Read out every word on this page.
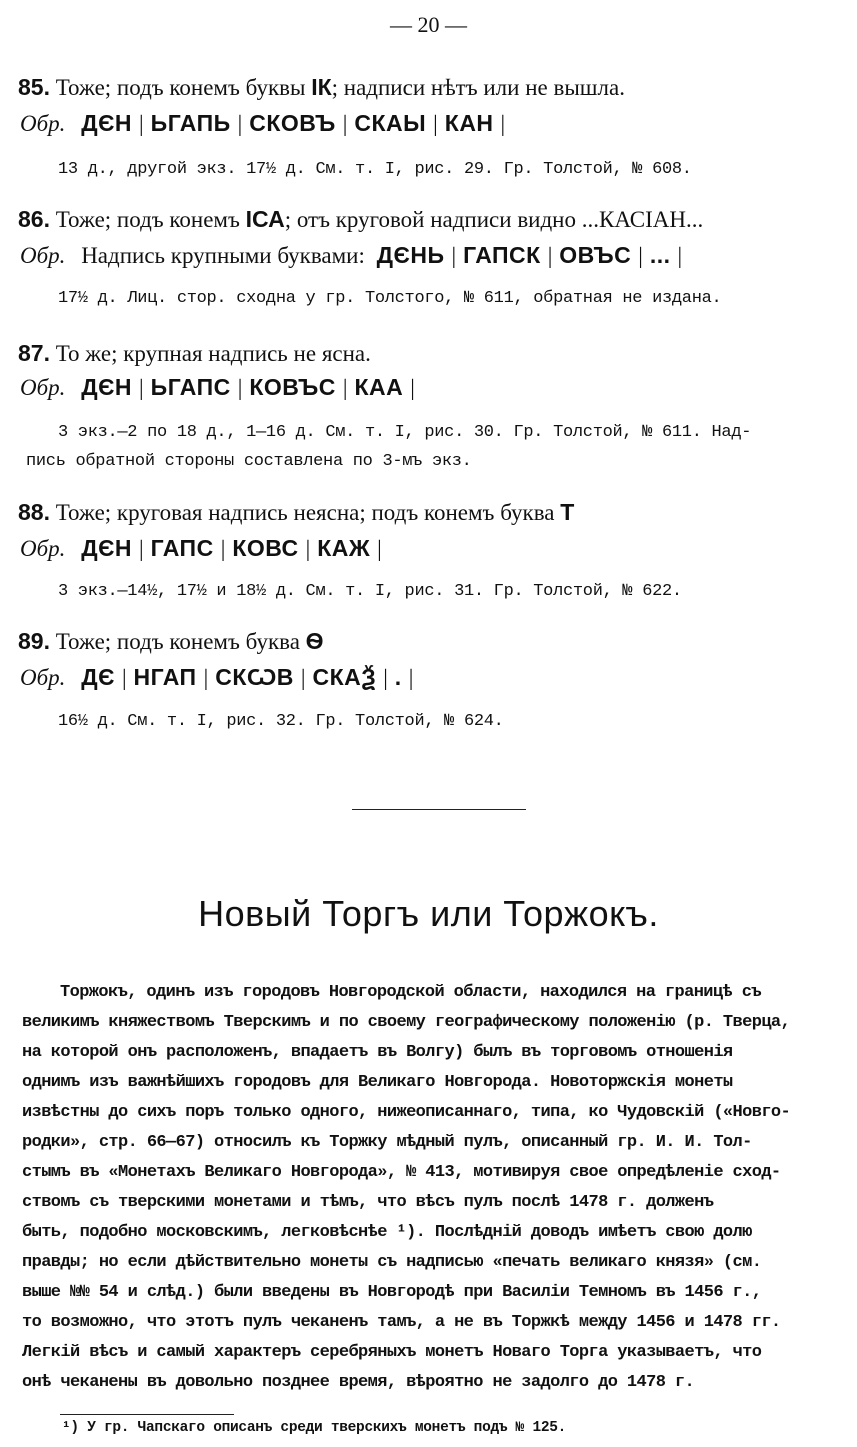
— 20 —
85. Тоже; подъ конемъ буквы ІК; надписи нѣтъ или не вышла.
Обр. ДЄН | ЬГАПЬ | СКОВЪ | СКАЫ | КАН |
13 д., другой экз. 17½ д. См. т. I, рис. 29. Гр. Толстой, № 608.
86. Тоже; подъ конемъ ІСА; отъ круговой надписи видно ...КАСІАН...
Обр. Надпись крупными буквами: ДЄНЬ | ГАПСК | ОВЪС | ... |
17½ д. Лиц. стор. сходна у гр. Толстого, № 611, обратная не издана.
87. То же; крупная надпись не ясна.
Обр. ДЄН | ЬГАПС | КОВЪС | КАА |
3 экз.—2 по 18 д., 1—16 д. См. т. I, рис. 30. Гр. Толстой, № 611. Над-
пись обратной стороны составлена по 3-мъ экз.
88. Тоже; круговая надпись неясна; подъ конемъ буква Т
Обр. ДЄН | ГАПС | КОВС | КАЖ |
3 экз.—14½, 17½ и 18½ д. См. т. I, рис. 31. Гр. Толстой, № 622.
89. Тоже; подъ конемъ буква Ѳ
Обр. ДЄ | НГАП | СКѠВ | СКАѮ | . |
16½ д. См. т. I, рис. 32. Гр. Толстой, № 624.
Новый Торгъ или Торжокъ.
Торжокъ, одинъ изъ городовъ Новгородской области, находился на границѣ съ
великимъ княжествомъ Тверскимъ и по своему географическому положенію (р. Тверца,
на которой онъ расположенъ, впадаетъ въ Волгу) былъ въ торговомъ отношенія
однимъ изъ важнѣйшихъ городовъ для Великаго Новгорода. Новоторжскія монеты
извѣстны до сихъ поръ только одного, нижеописаннаго, типа, ко Чудовскій («Новго-
родки», стр. 66—67) относилъ къ Торжку мѣдный пулъ, описанный гр. И. И. Тол-
стымъ въ «Монетахъ Великаго Новгорода», № 413, мотивируя свое опредѣленіе сход-
ствомъ съ тверскими монетами и тѣмъ, что вѣсъ пулъ послѣ 1478 г. долженъ
быть, подобно московскимъ, легковѣснѣе ¹). Послѣдній доводъ имѣетъ свою долю
правды; но если дѣйствительно монеты съ надписью «печать великаго князя» (см.
выше №№ 54 и слѣд.) были введены въ Новгородѣ при Василіи Темномъ въ 1456 г.,
то возможно, что этотъ пулъ чеканенъ тамъ, а не въ Торжкѣ между 1456 и 1478 гг.
Легкій вѣсъ и самый характеръ серебряныхъ монетъ Новаго Торга указываетъ, что
онѣ чеканены въ довольно позднее время, вѣроятно не задолго до 1478 г.
¹) У гр. Чапскаго описанъ среди тверскихъ монетъ подъ № 125.
